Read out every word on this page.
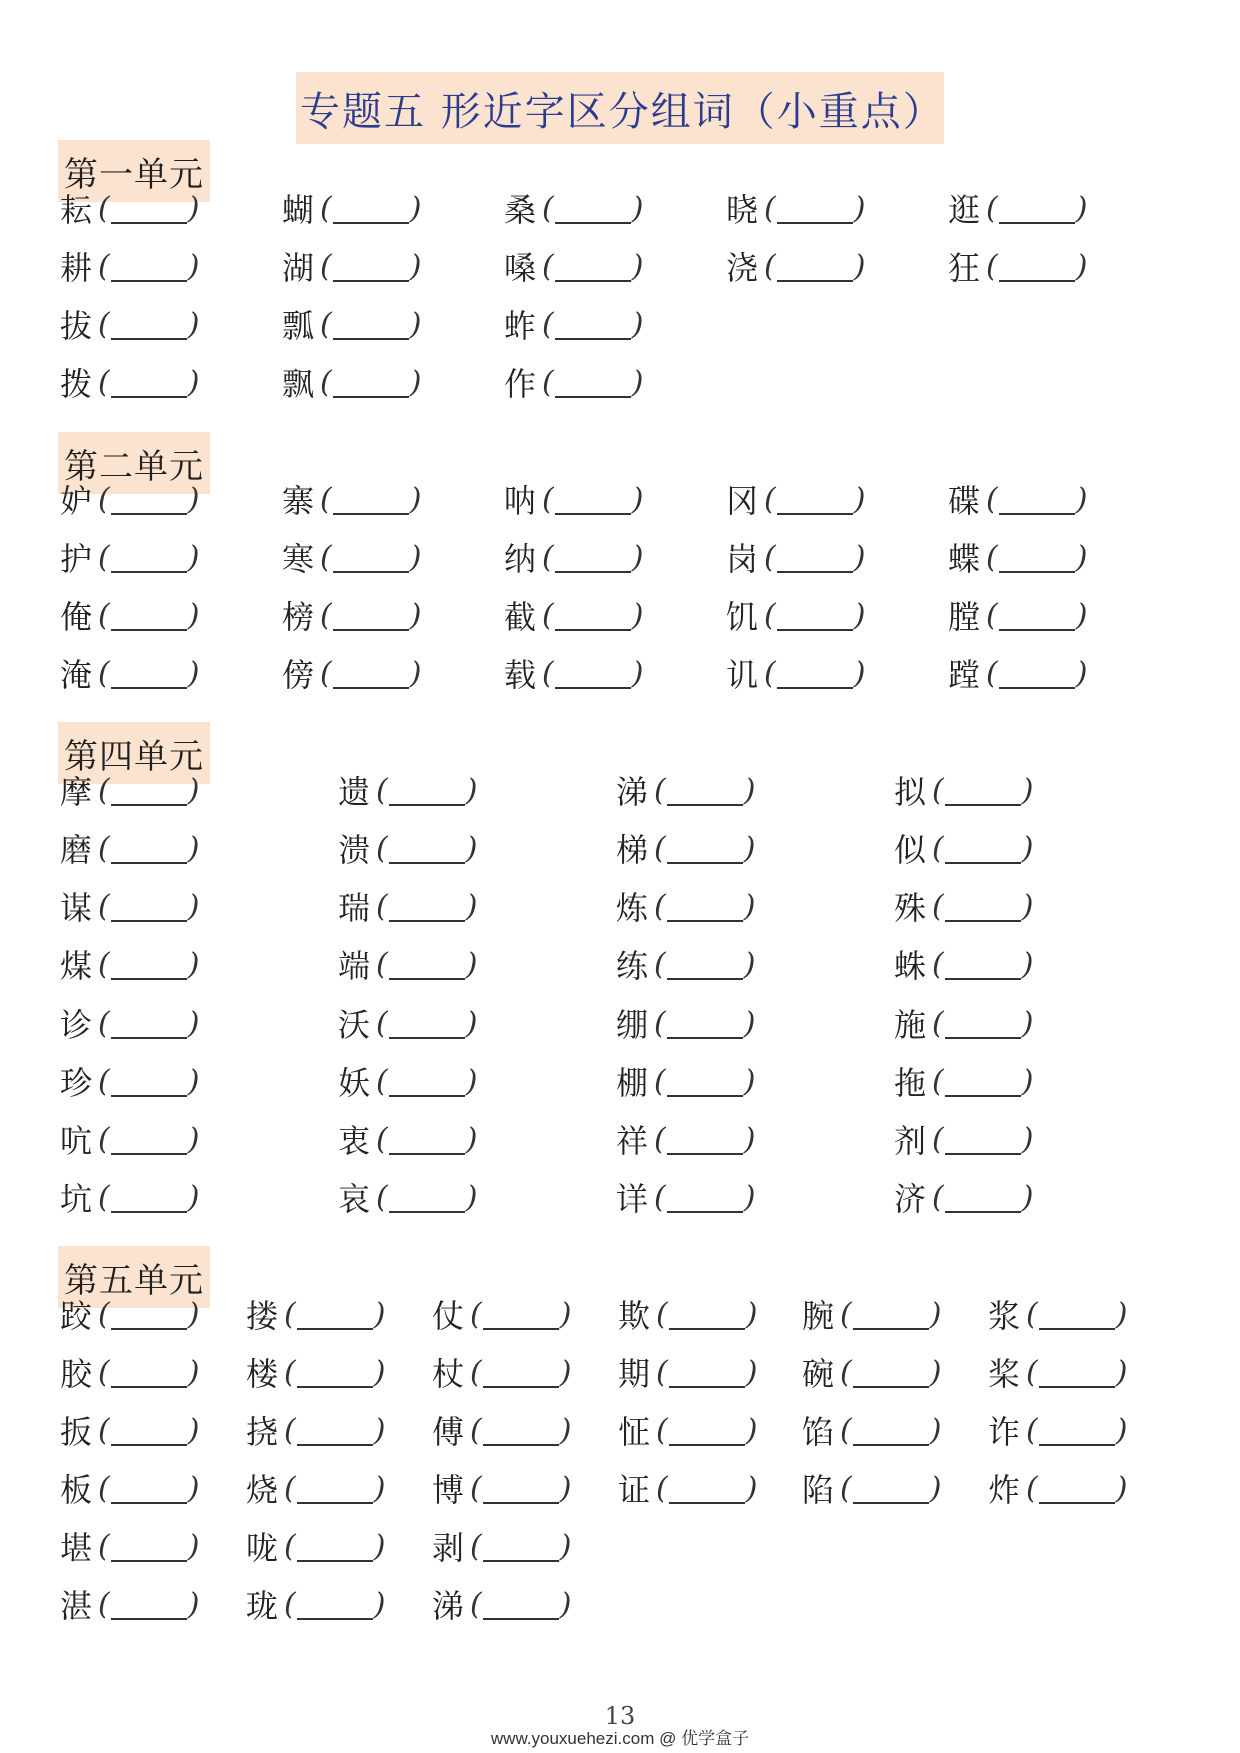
专题五 形近字区分组词（小重点）
第一单元
耘 (	)	蝴 (	)	桑 (	)	晓 (	)	逛 (	)
耕 (	)	湖 (	)	嗓 (	)	浇 (	)	狂 (	)
拔 (	)	瓢 (	)	蚱 (	)
拨 (	)	飘 (	)	作 (	)
第二单元
妒 (	)	寨 (	)	呐 (	)	冈 (	)	碟 (	)
护 (	)	寒 (	)	纳 (	)	岗 (	)	蝶 (	)
俺 (	)	榜 (	)	截 (	)	饥 (	)	膛 (	)
淹 (	)	傍 (	)	载 (	)	讥 (	)	蹚 (	)
第四单元
摩 (	)	遗 (	)	涕 (	)	拟 (	)
磨 (	)	溃 (	)	梯 (	)	似 (	)
谋 (	)	瑞 (	)	炼 (	)	殊 (	)
煤 (	)	端 (	)	练 (	)	蛛 (	)
诊 (	)	沃 (	)	绷 (	)	施 (	)
珍 (	)	妖 (	)	棚 (	)	拖 (	)
吭 (	)	衷 (	)	祥 (	)	剂 (	)
坑 (	)	哀 (	)	详 (	)	济 (	)
第五单元
跤 (	) 搂 (	) 仗 (	) 欺 (	) 腕 (	) 浆 (	)
胶 (	) 楼 (	) 杖 (	) 期 (	) 碗 (	) 桨 (	)
扳 (	) 挠 (	) 傅 (	) 怔 (	) 馅 (	) 诈 (	)
板 (	) 烧 (	) 博 (	) 证 (	) 陷 (	) 炸 (	)
堪 (	) 咙 (	) 剥 (	)
湛 (	) 珑 (	) 涕 (	)
13
www.youxuehezi.com @ 优学盒子
